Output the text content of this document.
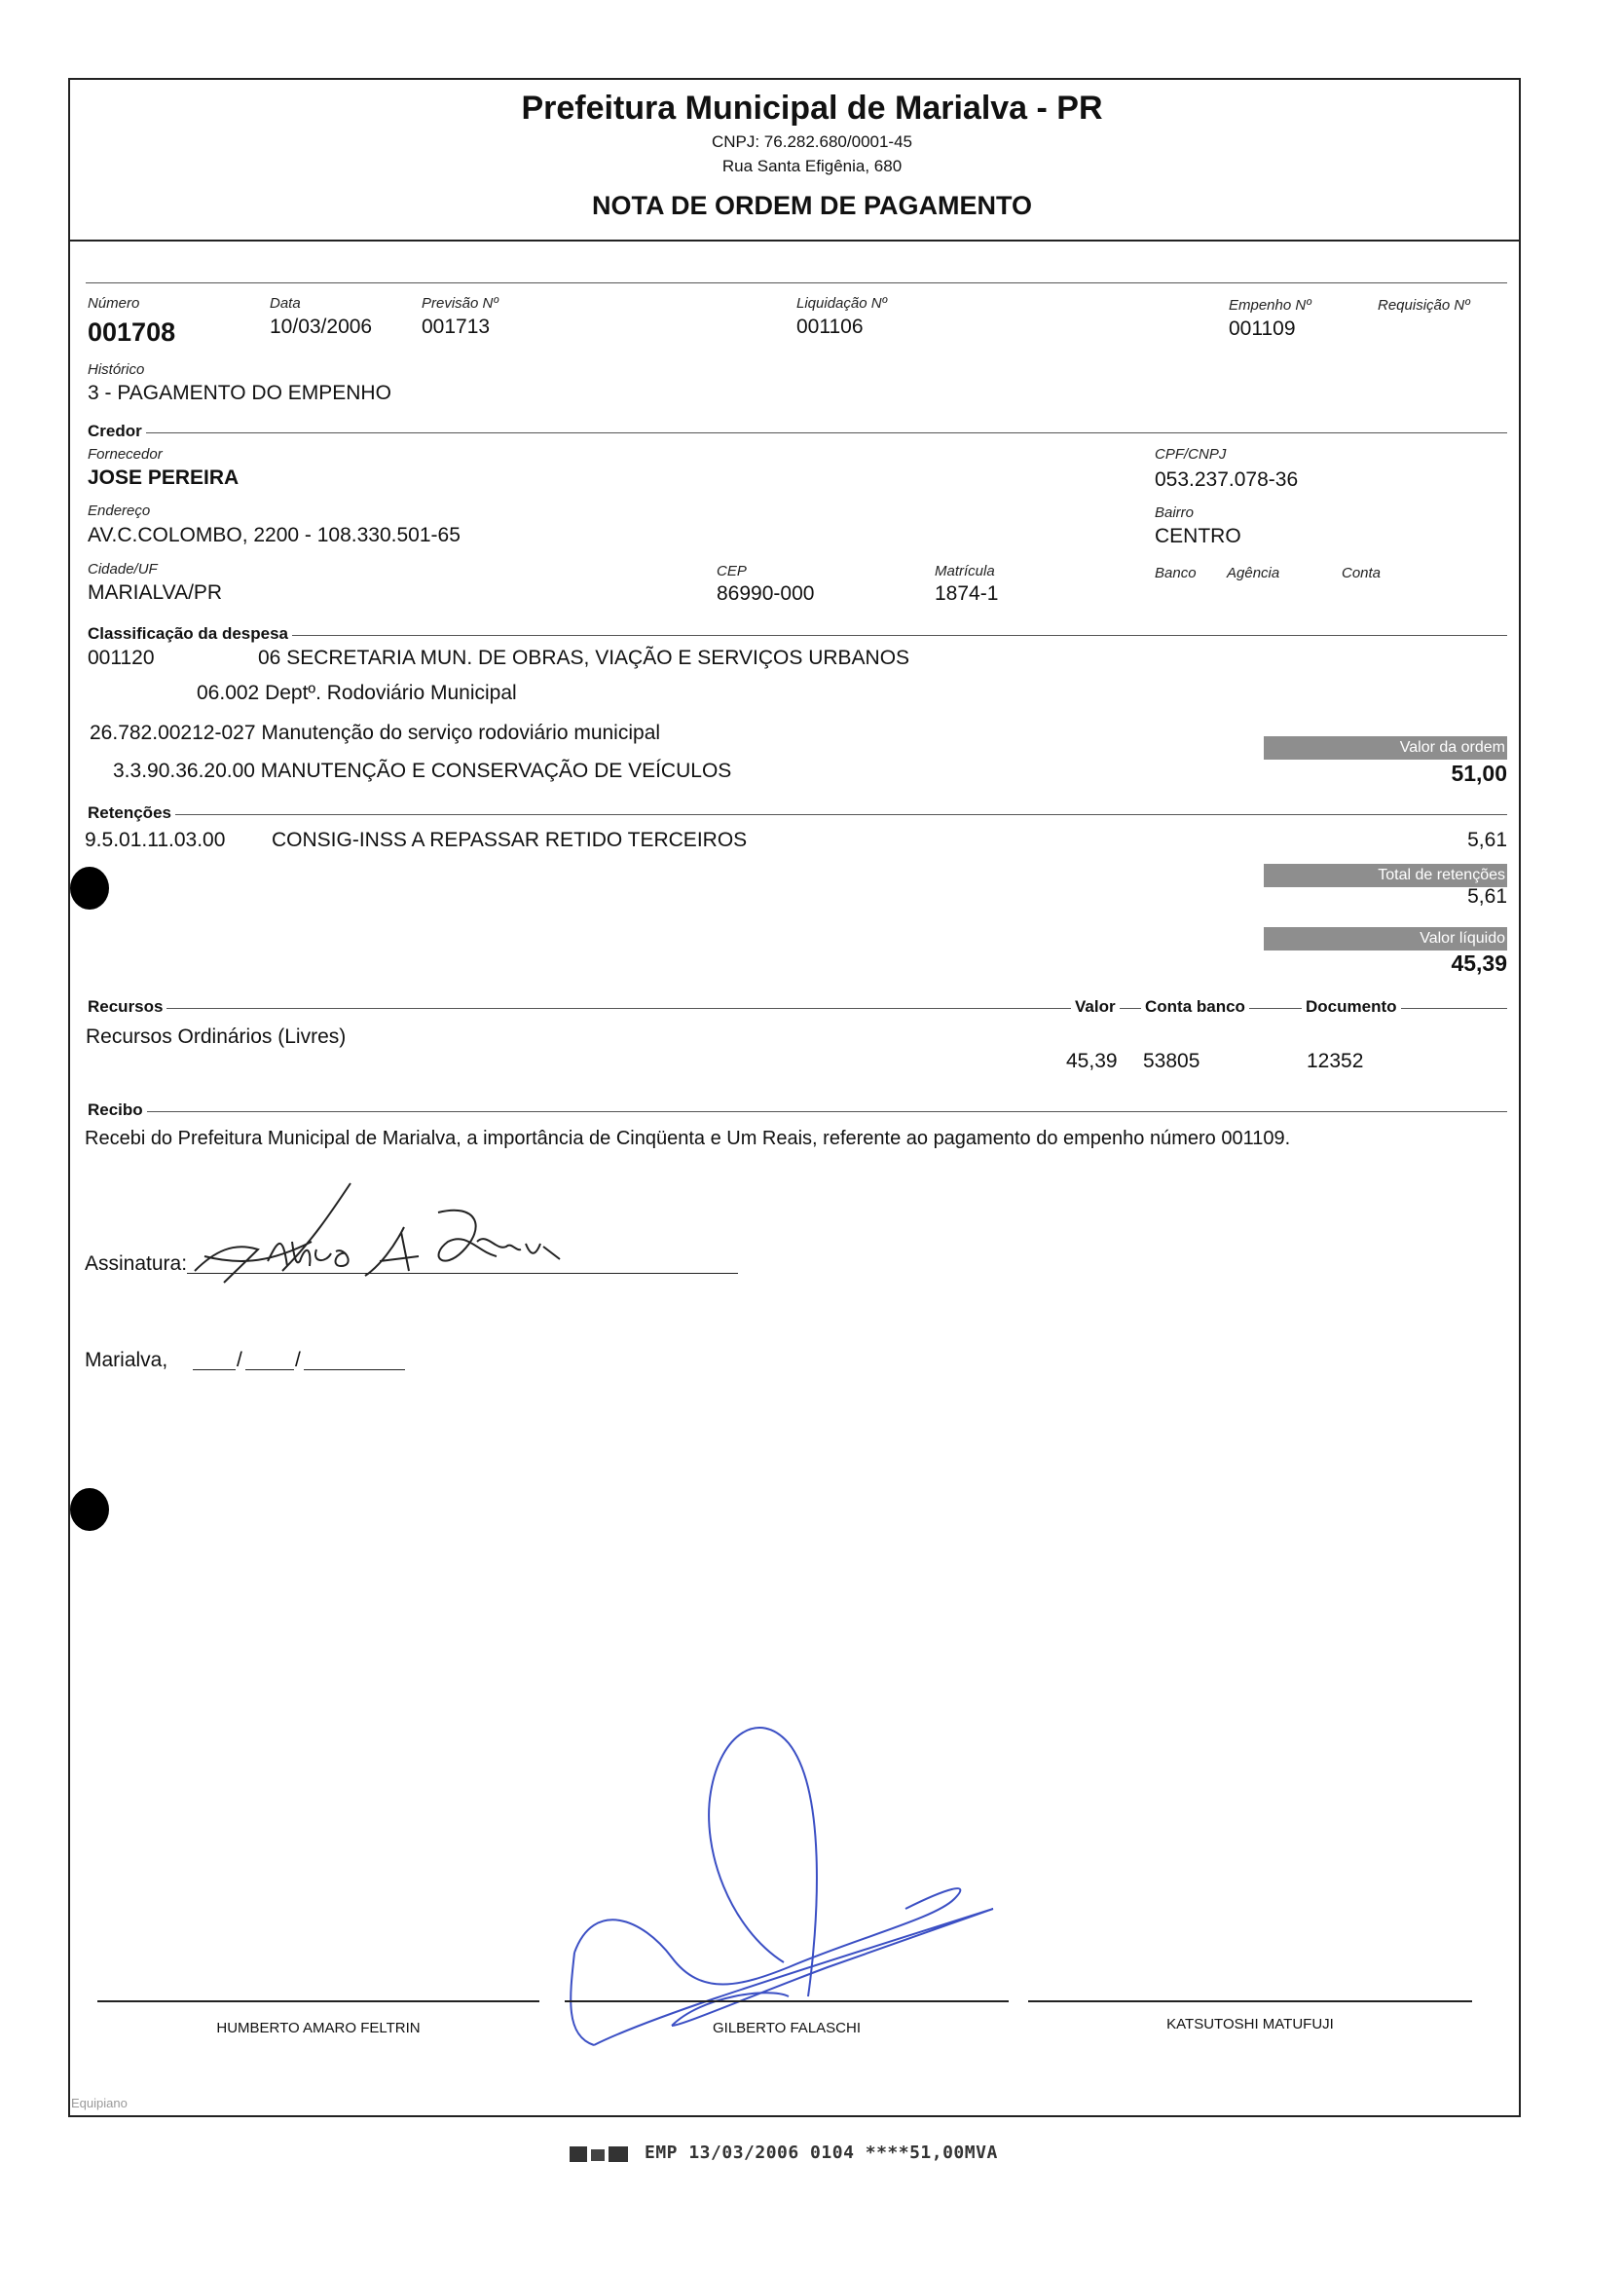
Prefeitura Municipal de Marialva - PR
CNPJ: 76.282.680/0001-45
Rua Santa Efigênia, 680
NOTA DE ORDEM DE PAGAMENTO
Número	Data	Previsão Nº	Liquidação Nº	Empenho Nº	Requisição Nº
001708	10/03/2006 001713	001106	001109
Histórico
3 - PAGAMENTO DO EMPENHO
Credor
Fornecedor	CPF/CNPJ
JOSE PEREIRA	053.237.078-36
Endereço	Bairro
AV.C.COLOMBO, 2200 - 108.330.501-65	CENTRO
Cidade/UF	CEP	Matrícula	Banco Agência	Conta
MARIALVA/PR	86990-000	1874-1
Classificação da despesa
001120	06 SECRETARIA MUN. DE OBRAS, VIAÇÃO E SERVIÇOS URBANOS
06.002 Deptº. Rodoviário Municipal
26.782.00212-027 Manutenção do serviço rodoviário municipal
3.3.90.36.20.00 MANUTENÇÃO E CONSERVAÇÃO DE VEÍCULOS
Valor da ordem
51,00
Retenções
9.5.01.11.03.00 CONSIG-INSS A REPASSAR RETIDO TERCEIROS	5,61
Total de retenções
5,61
Valor líquido
45,39
Recursos	Valor Conta banco	Documento
Recursos Ordinários (Livres)
45,39 53805	12352
Recibo
Recebi do Prefeitura Municipal de Marialva, a importância de Cinqüenta e Um Reais, referente ao pagamento do empenho número 001109.
Assinatura:
Marialva,	/	/
HUMBERTO AMARO FELTRIN	GILBERTO FALASCHI	KATSUTOSHI MATUFUJI
Equipiano
EMP 13/03/2006 0104 ****51,00MVA
